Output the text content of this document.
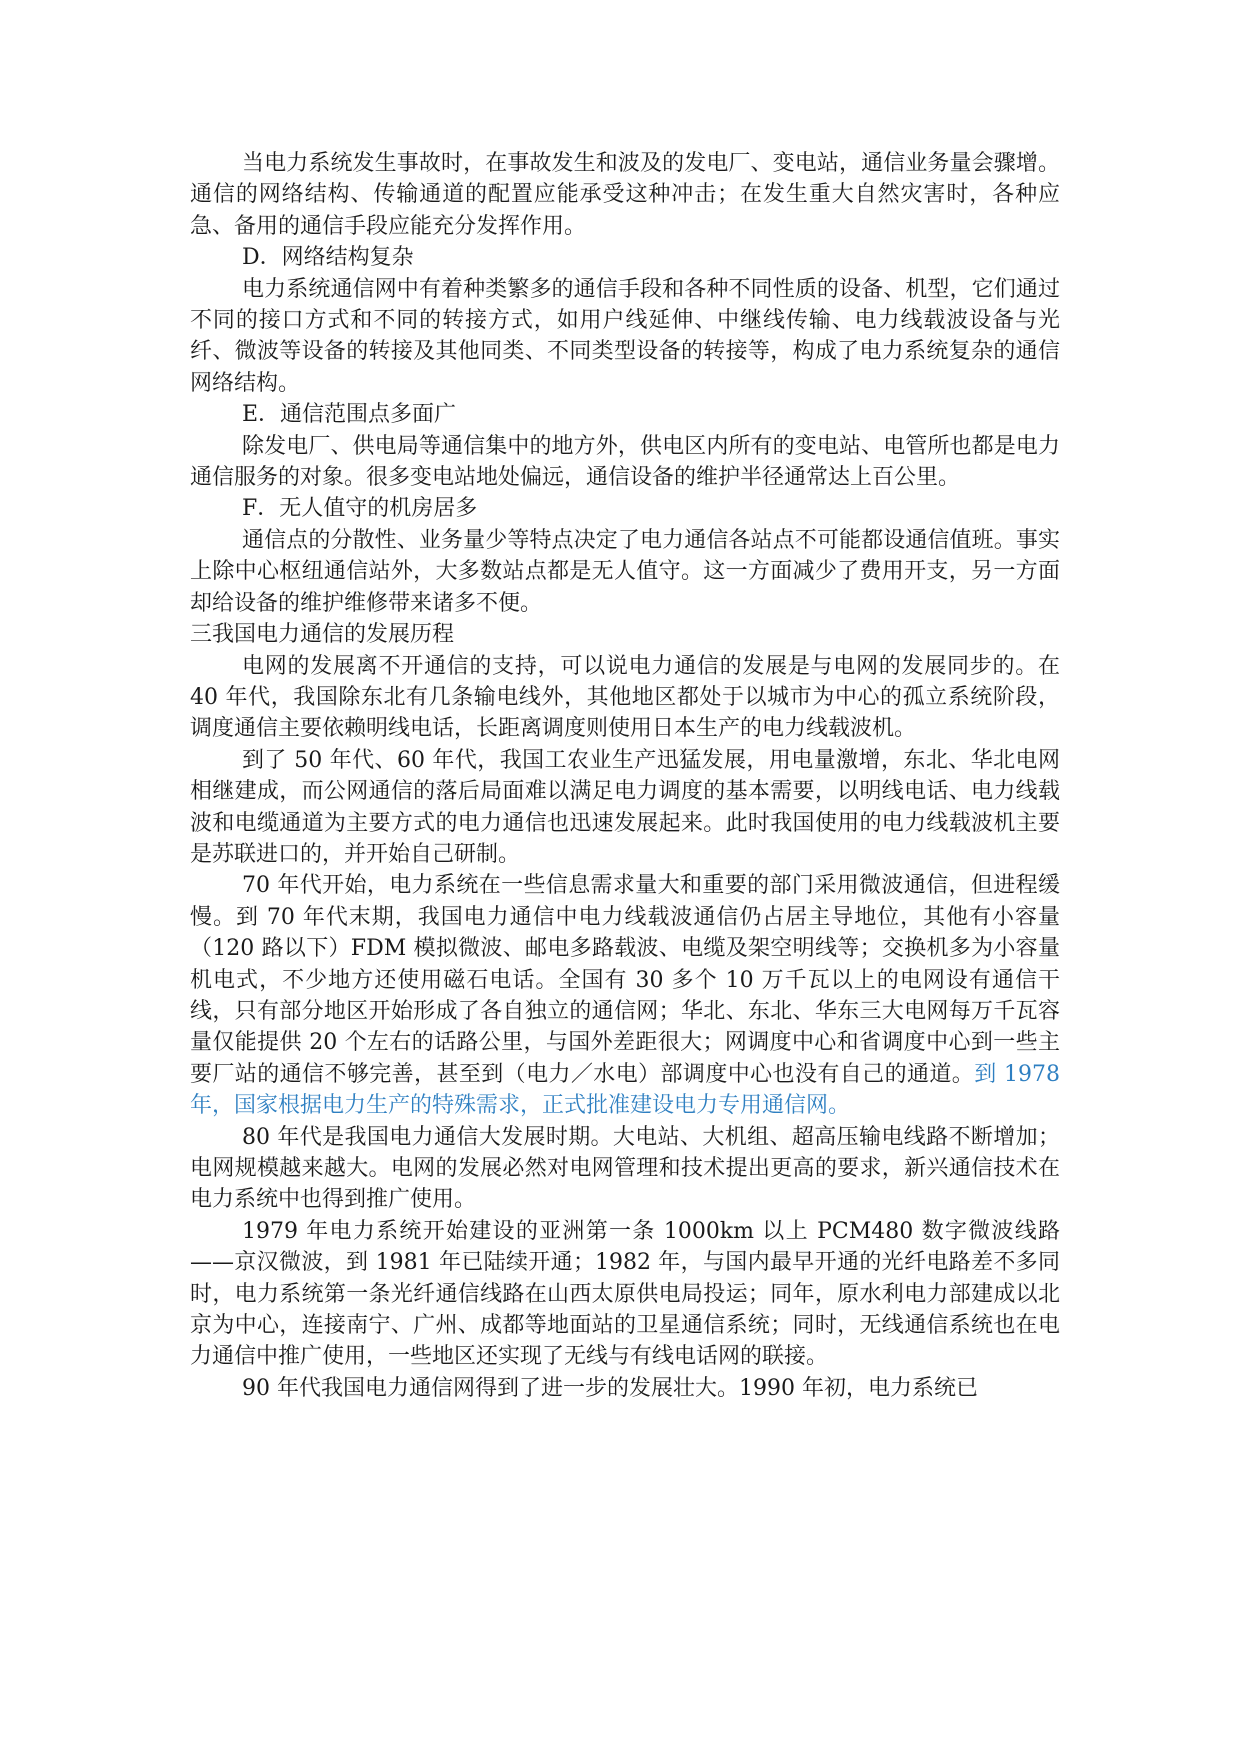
当电力系统发生事故时，在事故发生和波及的发电厂、变电站，通信业务量会骤增。通信的网络结构、传输通道的配置应能承受这种冲击；在发生重大自然灾害时，各种应急、备用的通信手段应能充分发挥作用。

D．网络结构复杂

电力系统通信网中有着种类繁多的通信手段和各种不同性质的设备、机型，它们通过不同的接口方式和不同的转接方式，如用户线延伸、中继线传输、电力线载波设备与光纤、微波等设备的转接及其他同类、不同类型设备的转接等，构成了电力系统复杂的通信网络结构。

E．通信范围点多面广

除发电厂、供电局等通信集中的地方外，供电区内所有的变电站、电管所也都是电力通信服务的对象。很多变电站地处偏远，通信设备的维护半径通常达上百公里。

F．无人值守的机房居多

通信点的分散性、业务量少等特点决定了电力通信各站点不可能都设通信值班。事实上除中心枢纽通信站外，大多数站点都是无人值守。这一方面减少了费用开支，另一方面却给设备的维护维修带来诸多不便。

三我国电力通信的发展历程

电网的发展离不开通信的支持，可以说电力通信的发展是与电网的发展同步的。在 40 年代，我国除东北有几条输电线外，其他地区都处于以城市为中心的孤立系统阶段，调度通信主要依赖明线电话，长距离调度则使用日本生产的电力线载波机。

到了 50 年代、60 年代，我国工农业生产迅猛发展，用电量激增，东北、华北电网相继建成，而公网通信的落后局面难以满足电力调度的基本需要，以明线电话、电力线载波和电缆通道为主要方式的电力通信也迅速发展起来。此时我国使用的电力线载波机主要是苏联进口的，并开始自己研制。

70 年代开始，电力系统在一些信息需求量大和重要的部门采用微波通信，但进程缓慢。到 70 年代末期，我国电力通信中电力线载波通信仍占居主导地位，其他有小容量（120 路以下）FDM 模拟微波、邮电多路载波、电缆及架空明线等；交换机多为小容量机电式，不少地方还使用磁石电话。全国有 30 多个 10 万千瓦以上的电网设有通信干线，只有部分地区开始形成了各自独立的通信网；华北、东北、华东三大电网每万千瓦容量仅能提供 20 个左右的话路公里，与国外差距很大；网调度中心和省调度中心到一些主要厂站的通信不够完善，甚至到（电力／水电）部调度中心也没有自己的通道。到 1978 年，国家根据电力生产的特殊需求，正式批准建设电力专用通信网。

80 年代是我国电力通信大发展时期。大电站、大机组、超高压输电线路不断增加；电网规模越来越大。电网的发展必然对电网管理和技术提出更高的要求，新兴通信技术在电力系统中也得到推广使用。

1979 年电力系统开始建设的亚洲第一条 1000km 以上 PCM480 数字微波线路——京汉微波，到 1981 年已陆续开通；1982 年，与国内最早开通的光纤电路差不多同时，电力系统第一条光纤通信线路在山西太原供电局投运；同年，原水利电力部建成以北京为中心，连接南宁、广州、成都等地面站的卫星通信系统；同时，无线通信系统也在电力通信中推广使用，一些地区还实现了无线与有线电话网的联接。

90 年代我国电力通信网得到了进一步的发展壮大。1990 年初，电力系统已
